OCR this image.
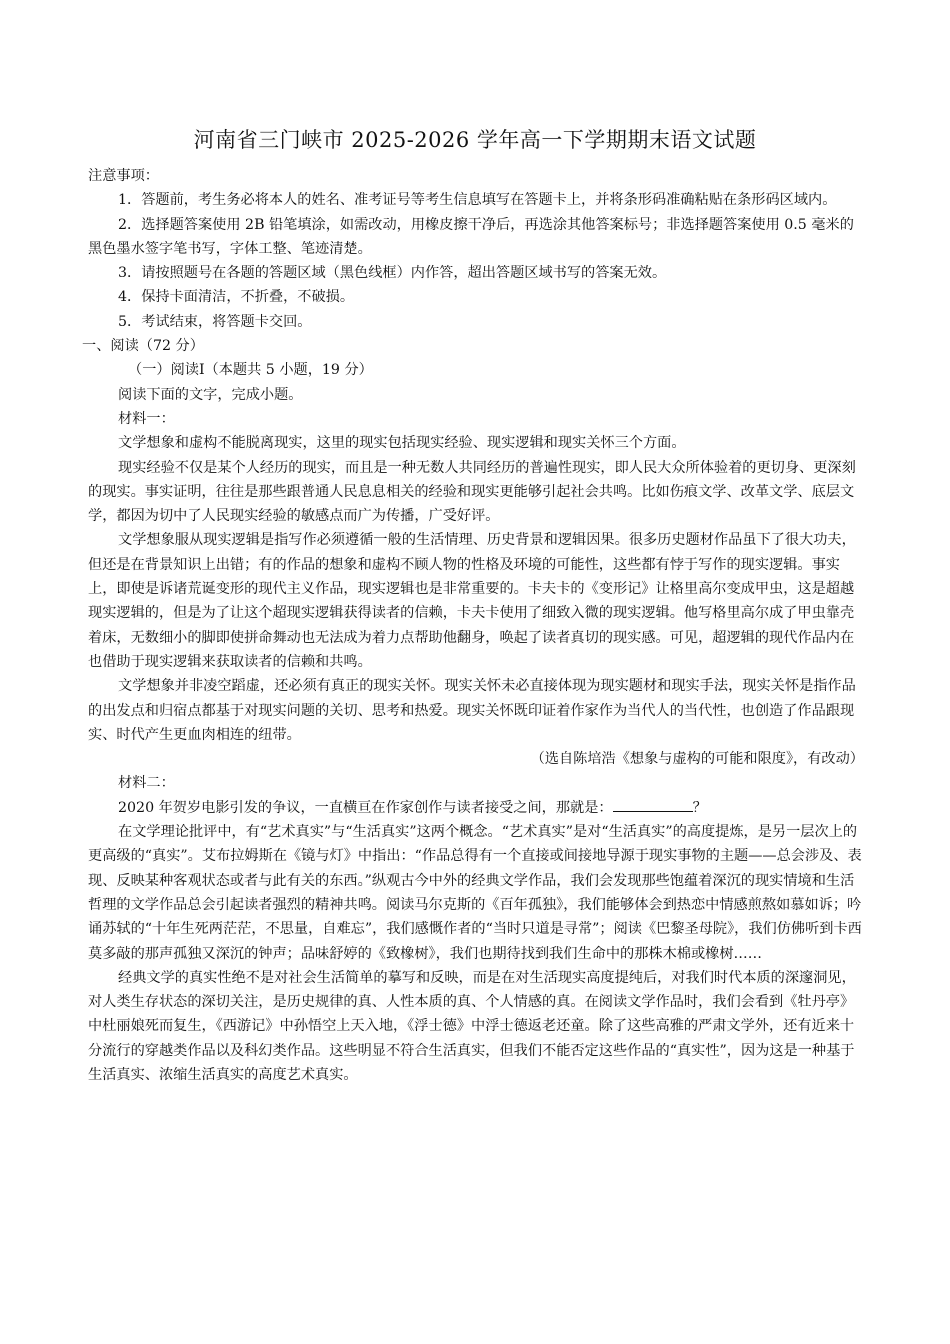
河南省三门峡市 2025-2026 学年高一下学期期末语文试题

注意事项：

1．答题前，考生务必将本人的姓名、准考证号等考生信息填写在答题卡上，并将条形码准确粘贴在条形码区域内。

2．选择题答案使用 2B 铅笔填涂，如需改动，用橡皮擦干净后，再选涂其他答案标号；非选择题答案使用 0.5 毫米的黑色墨水签字笔书写，字体工整、笔迹清楚。

3．请按照题号在各题的答题区域（黑色线框）内作答，超出答题区域书写的答案无效。

4．保持卡面清洁，不折叠，不破损。

5．考试结束，将答题卡交回。

一、阅读（72 分）

（一）阅读Ⅰ（本题共 5 小题，19 分）

阅读下面的文字，完成小题。

材料一：

文学想象和虚构不能脱离现实，这里的现实包括现实经验、现实逻辑和现实关怀三个方面。

现实经验不仅是某个人经历的现实，而且是一种无数人共同经历的普遍性现实，即人民大众所体验着的更切身、更深刻的现实。事实证明，往往是那些跟普通人民息息相关的经验和现实更能够引起社会共鸣。比如伤痕文学、改革文学、底层文学，都因为切中了人民现实经验的敏感点而广为传播，广受好评。

文学想象服从现实逻辑是指写作必须遵循一般的生活情理、历史背景和逻辑因果。很多历史题材作品虽下了很大功夫，但还是在背景知识上出错；有的作品的想象和虚构不顾人物的性格及环境的可能性，这些都有悖于写作的现实逻辑。事实上，即使是诉诸荒诞变形的现代主义作品，现实逻辑也是非常重要的。卡夫卡的《变形记》让格里高尔变成甲虫，这是超越现实逻辑的，但是为了让这个超现实逻辑获得读者的信赖，卡夫卡使用了细致入微的现实逻辑。他写格里高尔成了甲虫靠壳着床，无数细小的脚即使拼命舞动也无法成为着力点帮助他翻身，唤起了读者真切的现实感。可见，超逻辑的现代作品内在也借助于现实逻辑来获取读者的信赖和共鸣。

文学想象并非凌空蹈虚，还必须有真正的现实关怀。现实关怀未必直接体现为现实题材和现实手法，现实关怀是指作品的出发点和归宿点都基于对现实问题的关切、思考和热爱。现实关怀既印证着作家作为当代人的当代性，也创造了作品跟现实、时代产生更血肉相连的纽带。

（选自陈培浩《想象与虚构的可能和限度》，有改动）

材料二：

2020 年贺岁电影引发的争议，一直横亘在作家创作与读者接受之间，那就是：	？

在文学理论批评中，有“艺术真实”与“生活真实”这两个概念。“艺术真实”是对“生活真实”的高度提炼，是另一层次上的更高级的“真实”。艾布拉姆斯在《镜与灯》中指出：“作品总得有一个直接或间接地导源于现实事物的主题——总会涉及、表现、反映某种客观状态或者与此有关的东西。”纵观古今中外的经典文学作品，我们会发现那些饱蕴着深沉的现实情境和生活哲理的文学作品总会引起读者强烈的精神共鸣。阅读马尔克斯的《百年孤独》，我们能够体会到热恋中情感煎熬如慕如诉；吟诵苏轼的“十年生死两茫茫，不思量，自难忘”，我们感慨作者的“当时只道是寻常”；阅读《巴黎圣母院》，我们仿佛听到卡西莫多敲的那声孤独又深沉的钟声；品味舒婷的《致橡树》，我们也期待找到我们生命中的那株木棉或橡树……

经典文学的真实性绝不是对社会生活简单的摹写和反映，而是在对生活现实高度提纯后，对我们时代本质的深邃洞见，对人类生存状态的深切关注，是历史规律的真、人性本质的真、个人情感的真。在阅读文学作品时，我们会看到《牡丹亭》中杜丽娘死而复生，《西游记》中孙悟空上天入地，《浮士德》中浮士德返老还童。除了这些高雅的严肃文学外，还有近来十分流行的穿越类作品以及科幻类作品。这些明显不符合生活真实，但我们不能否定这些作品的“真实性”，因为这是一种基于生活真实、浓缩生活真实的高度艺术真实。
